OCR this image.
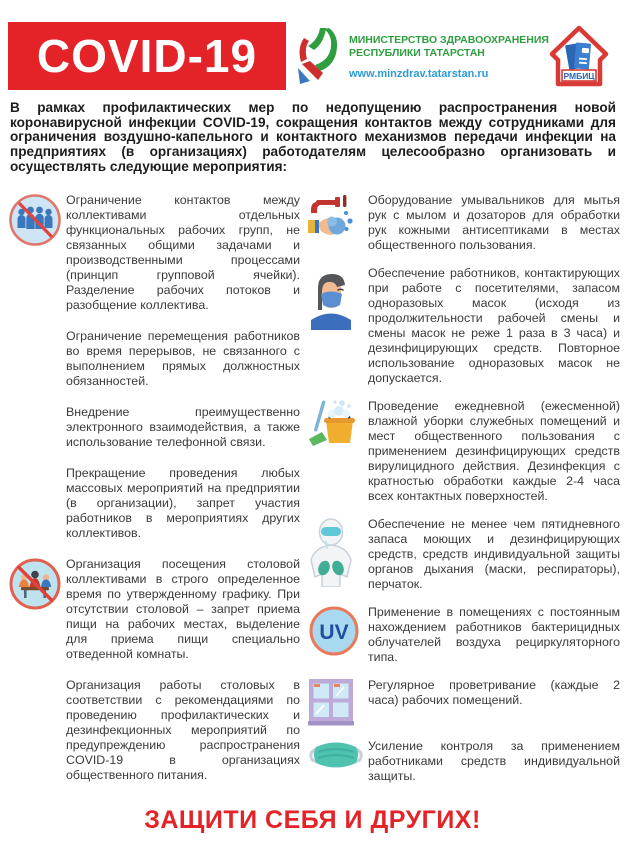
COVID-19	МИНИСТЕРСТВО ЗДРАВООХРАНЕНИЯ
РЕСПУБЛИКИ ТАТАРСТАН
www.minzdrav.tatarstan.ru	РМБИЦ

В рамках профилактических мер по недопущению распространения новой коронавирусной инфекции COVID-19, сокращения контактов между сотрудниками для ограничения воздушно-капельного и контактного механизмов передачи инфекции на предприятиях (в организациях) работодателям целесообразно организовать и осуществлять следующие мероприятия:

Ограничение контактов между коллективами отдельных функциональных рабочих групп, не связанных общими задачами и производственными процессами (принцип групповой ячейки). Разделение рабочих потоков и разобщение коллектива.

Ограничение перемещения работников во время перерывов, не связанного с выполнением прямых должностных обязанностей.

Внедрение преимущественно электронного взаимодействия, а также использование телефонной связи.

Прекращение проведения любых массовых мероприятий на предприятии (в организации), запрет участия работников в мероприятиях других коллективов.

Организация посещения столовой коллективами в строго определенное время по утвержденному графику. При отсутствии столовой – запрет приема пищи на рабочих местах, выделение для приема пищи специально отведенной комнаты.

Организация работы столовых в соответствии с рекомендациями по проведению профилактических и дезинфекционных мероприятий по предупреждению распространения COVID-19 в организациях общественного питания.

Оборудование умывальников для мытья рук с мылом и дозаторов для обработки рук кожными антисептиками в местах общественного пользования.

Обеспечение работников, контактирующих при работе с посетителями, запасом одноразовых масок (исходя из продолжительности рабочей смены и смены масок не реже 1 раза в 3 часа) и дезинфицирующих средств. Повторное использование одноразовых масок не допускается.

Проведение ежедневной (ежесменной) влажной уборки служебных помещений и мест общественного пользования с применением дезинфицирующих средств вирулицидного действия. Дезинфекция с кратностью обработки каждые 2-4 часа всех контактных поверхностей.

Обеспечение не менее чем пятидневного запаса моющих и дезинфицирующих средств, средств индивидуальной защиты органов дыхания (маски, респираторы), перчаток.

UV

Применение в помещениях с постоянным нахождением работников бактерицидных облучателей воздуха рециркуляторного типа.

Регулярное проветривание (каждые 2 часа) рабочих помещений.

Усиление контроля за применением работниками средств индивидуальной защиты.

ЗАЩИТИ СЕБЯ И ДРУГИХ!
